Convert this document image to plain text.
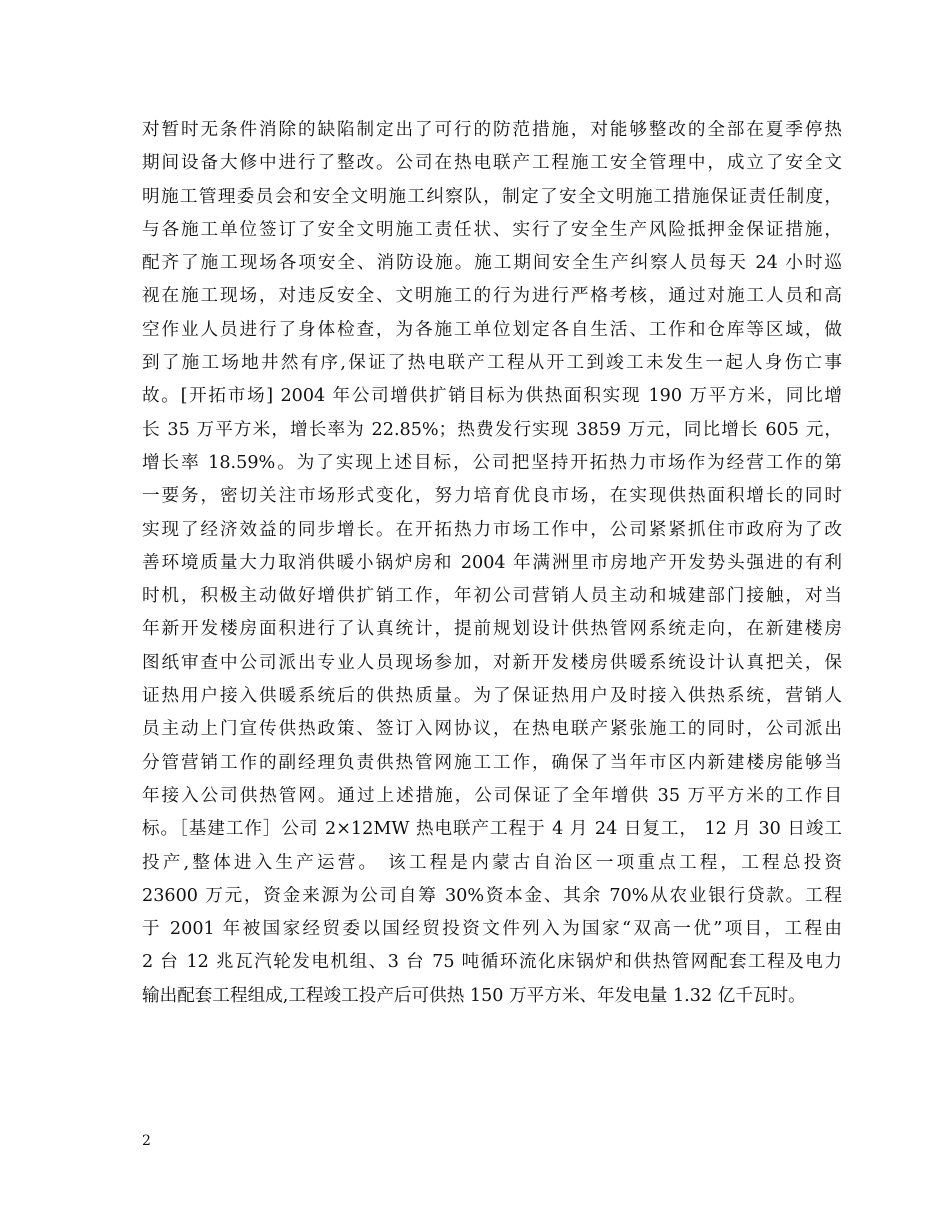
对暂时无条件消除的缺陷制定出了可行的防范措施，对能够整改的全部在夏季停热
期间设备大修中进行了整改。公司在热电联产工程施工安全管理中，成立了安全文
明施工管理委员会和安全文明施工纠察队，制定了安全文明施工措施保证责任制度，
与各施工单位签订了安全文明施工责任状、实行了安全生产风险抵押金保证措施，
配齐了施工现场各项安全、消防设施。施工期间安全生产纠察人员每天 24 小时巡
视在施工现场，对违反安全、文明施工的行为进行严格考核，通过对施工人员和高
空作业人员进行了身体检查，为各施工单位划定各自生活、工作和仓库等区域，做
到了施工场地井然有序,保证了热电联产工程从开工到竣工未发生一起人身伤亡事
故。[开拓市场] 2004 年公司增供扩销目标为供热面积实现 190 万平方米，同比增
长 35 万平方米，增长率为 22.85%；热费发行实现 3859 万元，同比增长 605 元，
增长率 18.59%。为了实现上述目标，公司把坚持开拓热力市场作为经营工作的第
一要务，密切关注市场形式变化，努力培育优良市场，在实现供热面积增长的同时
实现了经济效益的同步增长。在开拓热力市场工作中，公司紧紧抓住市政府为了改
善环境质量大力取消供暖小锅炉房和 2004 年满洲里市房地产开发势头强进的有利
时机，积极主动做好增供扩销工作，年初公司营销人员主动和城建部门接触，对当
年新开发楼房面积进行了认真统计，提前规划设计供热管网系统走向，在新建楼房
图纸审查中公司派出专业人员现场参加，对新开发楼房供暖系统设计认真把关，保
证热用户接入供暖系统后的供热质量。为了保证热用户及时接入供热系统，营销人
员主动上门宣传供热政策、签订入网协议，在热电联产紧张施工的同时，公司派出
分管营销工作的副经理负责供热管网施工工作，确保了当年市区内新建楼房能够当
年接入公司供热管网。通过上述措施，公司保证了全年增供 35 万平方米的工作目
标。［基建工作］公司 2×12MW 热电联产工程于 4 月 24 日复工， 12 月 30 日竣工
投产,整体进入生产运营。 该工程是内蒙古自治区一项重点工程，工程总投资
23600 万元，资金来源为公司自筹 30%资本金、其余 70%从农业银行贷款。工程
于 2001 年被国家经贸委以国经贸投资文件列入为国家“双高一优”项目，工程由
2 台 12 兆瓦汽轮发电机组、3 台 75 吨循环流化床锅炉和供热管网配套工程及电力
输出配套工程组成,工程竣工投产后可供热 150 万平方米、年发电量 1.32 亿千瓦时。
2
